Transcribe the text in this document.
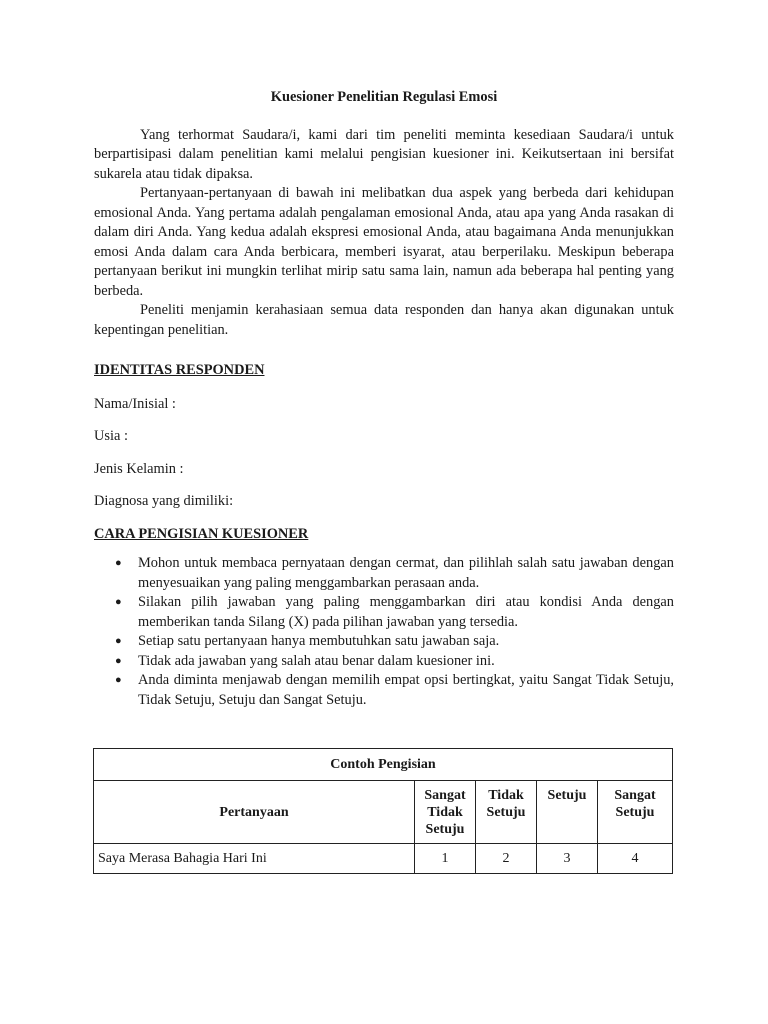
Kuesioner Penelitian Regulasi Emosi

Yang terhormat Saudara/i, kami dari tim peneliti meminta kesediaan Saudara/i untuk berpartisipasi dalam penelitian kami melalui pengisian kuesioner ini. Keikutsertaan ini bersifat sukarela atau tidak dipaksa.

Pertanyaan-pertanyaan di bawah ini melibatkan dua aspek yang berbeda dari kehidupan emosional Anda. Yang pertama adalah pengalaman emosional Anda, atau apa yang Anda rasakan di dalam diri Anda. Yang kedua adalah ekspresi emosional Anda, atau bagaimana Anda menunjukkan emosi Anda dalam cara Anda berbicara, memberi isyarat, atau berperilaku. Meskipun beberapa pertanyaan berikut ini mungkin terlihat mirip satu sama lain, namun ada beberapa hal penting yang berbeda.

Peneliti menjamin kerahasiaan semua data responden dan hanya akan digunakan untuk kepentingan penelitian.

IDENTITAS RESPONDEN

Nama/Inisial :

Usia :

Jenis Kelamin :

Diagnosa yang dimiliki:

CARA PENGISIAN KUESIONER

● Mohon untuk membaca pernyataan dengan cermat, dan pilihlah salah satu jawaban dengan menyesuaikan yang paling menggambarkan perasaan anda.
● Silakan pilih jawaban yang paling menggambarkan diri atau kondisi Anda dengan memberikan tanda Silang (X) pada pilihan jawaban yang tersedia.
● Setiap satu pertanyaan hanya membutuhkan satu jawaban saja.
● Tidak ada jawaban yang salah atau benar dalam kuesioner ini.
● Anda diminta menjawab dengan memilih empat opsi bertingkat, yaitu Sangat Tidak Setuju, Tidak Setuju, Setuju dan Sangat Setuju.
Contoh Pengisian				
Pertanyaan	Sangat Tidak Setuju	Tidak Setuju	Setuju	Sangat Setuju
Saya Merasa Bahagia Hari Ini	1	2	3	4
